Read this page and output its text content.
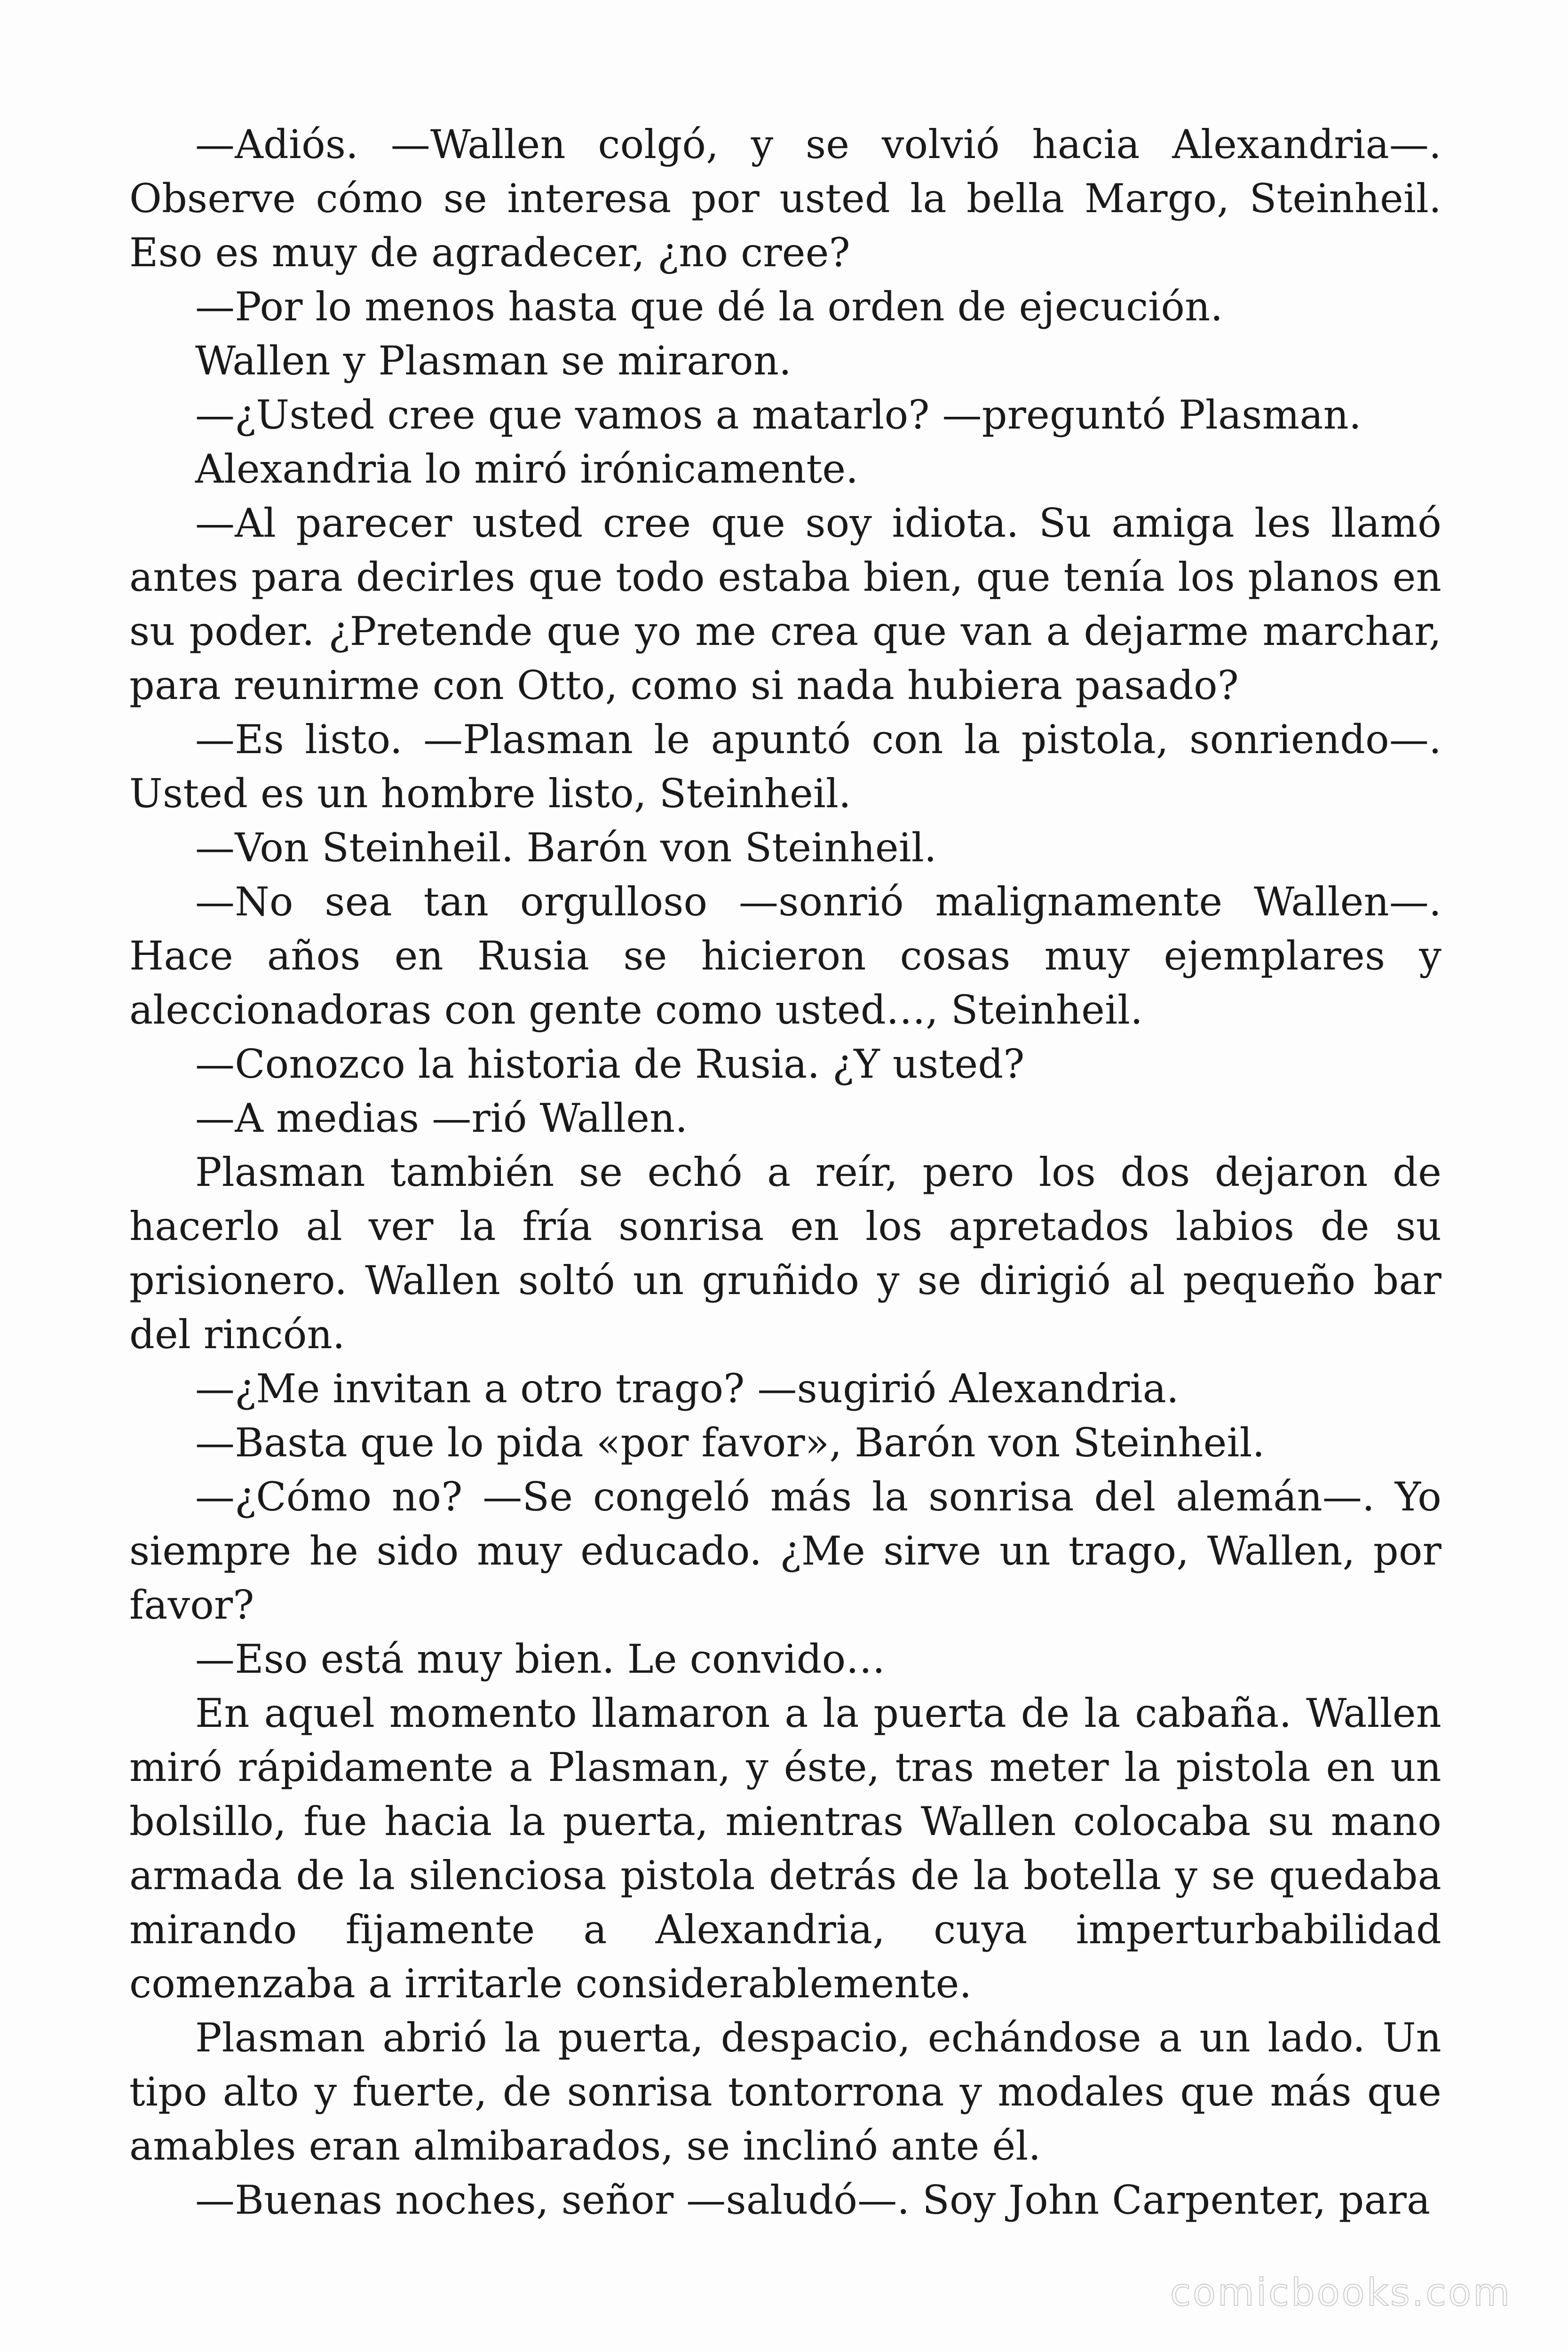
—Adiós. —Wallen colgó, y se volvió hacia Alexandria—. Observe cómo se interesa por usted la bella Margo, Steinheil. Eso es muy de agradecer, ¿no cree?

—Por lo menos hasta que dé la orden de ejecución.

Wallen y Plasman se miraron.

—¿Usted cree que vamos a matarlo? —preguntó Plasman.

Alexandria lo miró irónicamente.

—Al parecer usted cree que soy idiota. Su amiga les llamó antes para decirles que todo estaba bien, que tenía los planos en su poder. ¿Pretende que yo me crea que van a dejarme marchar, para reunirme con Otto, como si nada hubiera pasado?

—Es listo. —Plasman le apuntó con la pistola, sonriendo—. Usted es un hombre listo, Steinheil.

—Von Steinheil. Barón von Steinheil.

—No sea tan orgulloso —sonrió malignamente Wallen—. Hace años en Rusia se hicieron cosas muy ejemplares y aleccionadoras con gente como usted…, Steinheil.

—Conozco la historia de Rusia. ¿Y usted?

—A medias —rió Wallen.

Plasman también se echó a reír, pero los dos dejaron de hacerlo al ver la fría sonrisa en los apretados labios de su prisionero. Wallen soltó un gruñido y se dirigió al pequeño bar del rincón.

—¿Me invitan a otro trago? —sugirió Alexandria.

—Basta que lo pida «por favor», Barón von Steinheil.

—¿Cómo no? —Se congeló más la sonrisa del alemán—. Yo siempre he sido muy educado. ¿Me sirve un trago, Wallen, por favor?

—Eso está muy bien. Le convido…

En aquel momento llamaron a la puerta de la cabaña. Wallen miró rápidamente a Plasman, y éste, tras meter la pistola en un bolsillo, fue hacia la puerta, mientras Wallen colocaba su mano armada de la silenciosa pistola detrás de la botella y se quedaba mirando fijamente a Alexandria, cuya imperturbabilidad comenzaba a irritarle considerablemente.

Plasman abrió la puerta, despacio, echándose a un lado. Un tipo alto y fuerte, de sonrisa tontorrona y modales que más que amables eran almibarados, se inclinó ante él.

—Buenas noches, señor —saludó—. Soy John Carpenter, para

comicbooks.com
